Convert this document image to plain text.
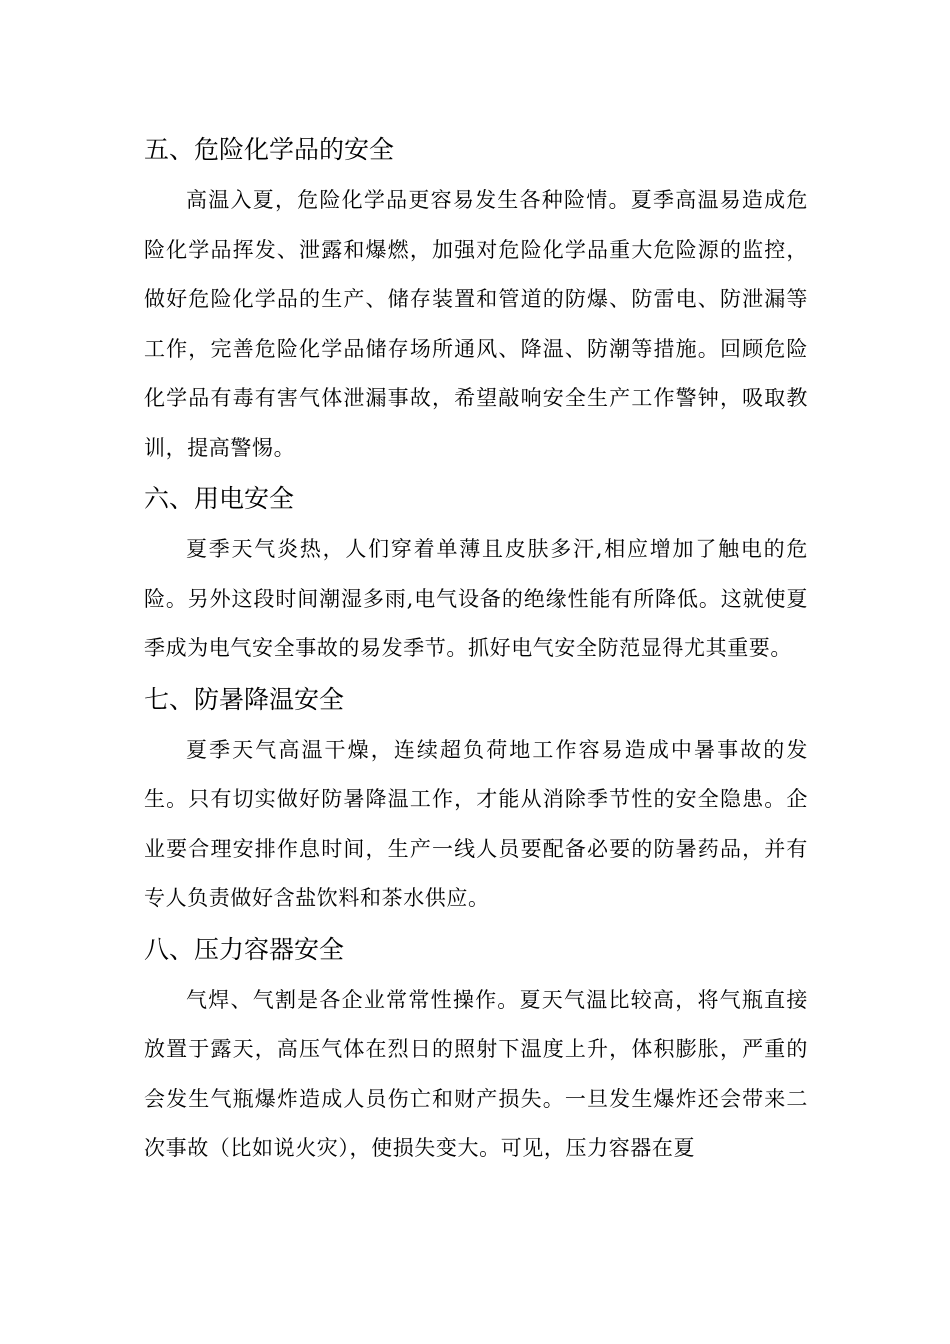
五、危险化学品的安全

高温入夏，危险化学品更容易发生各种险情。夏季高温易造成危险化学品挥发、泄露和爆燃，加强对危险化学品重大危险源的监控，做好危险化学品的生产、储存装置和管道的防爆、防雷电、防泄漏等工作，完善危险化学品储存场所通风、降温、防潮等措施。回顾危险化学品有毒有害气体泄漏事故，希望敲响安全生产工作警钟，吸取教训，提高警惕。

六、用电安全

夏季天气炎热，人们穿着单薄且皮肤多汗,相应增加了触电的危险。另外这段时间潮湿多雨,电气设备的绝缘性能有所降低。这就使夏季成为电气安全事故的易发季节。抓好电气安全防范显得尤其重要。

七、防暑降温安全

夏季天气高温干燥，连续超负荷地工作容易造成中暑事故的发生。只有切实做好防暑降温工作，才能从消除季节性的安全隐患。企业要合理安排作息时间，生产一线人员要配备必要的防暑药品，并有专人负责做好含盐饮料和茶水供应。

八、压力容器安全

气焊、气割是各企业常常性操作。夏天气温比较高，将气瓶直接放置于露天，高压气体在烈日的照射下温度上升，体积膨胀，严重的会发生气瓶爆炸造成人员伤亡和财产损失。一旦发生爆炸还会带来二次事故（比如说火灾），使损失变大。可见，压力容器在夏
